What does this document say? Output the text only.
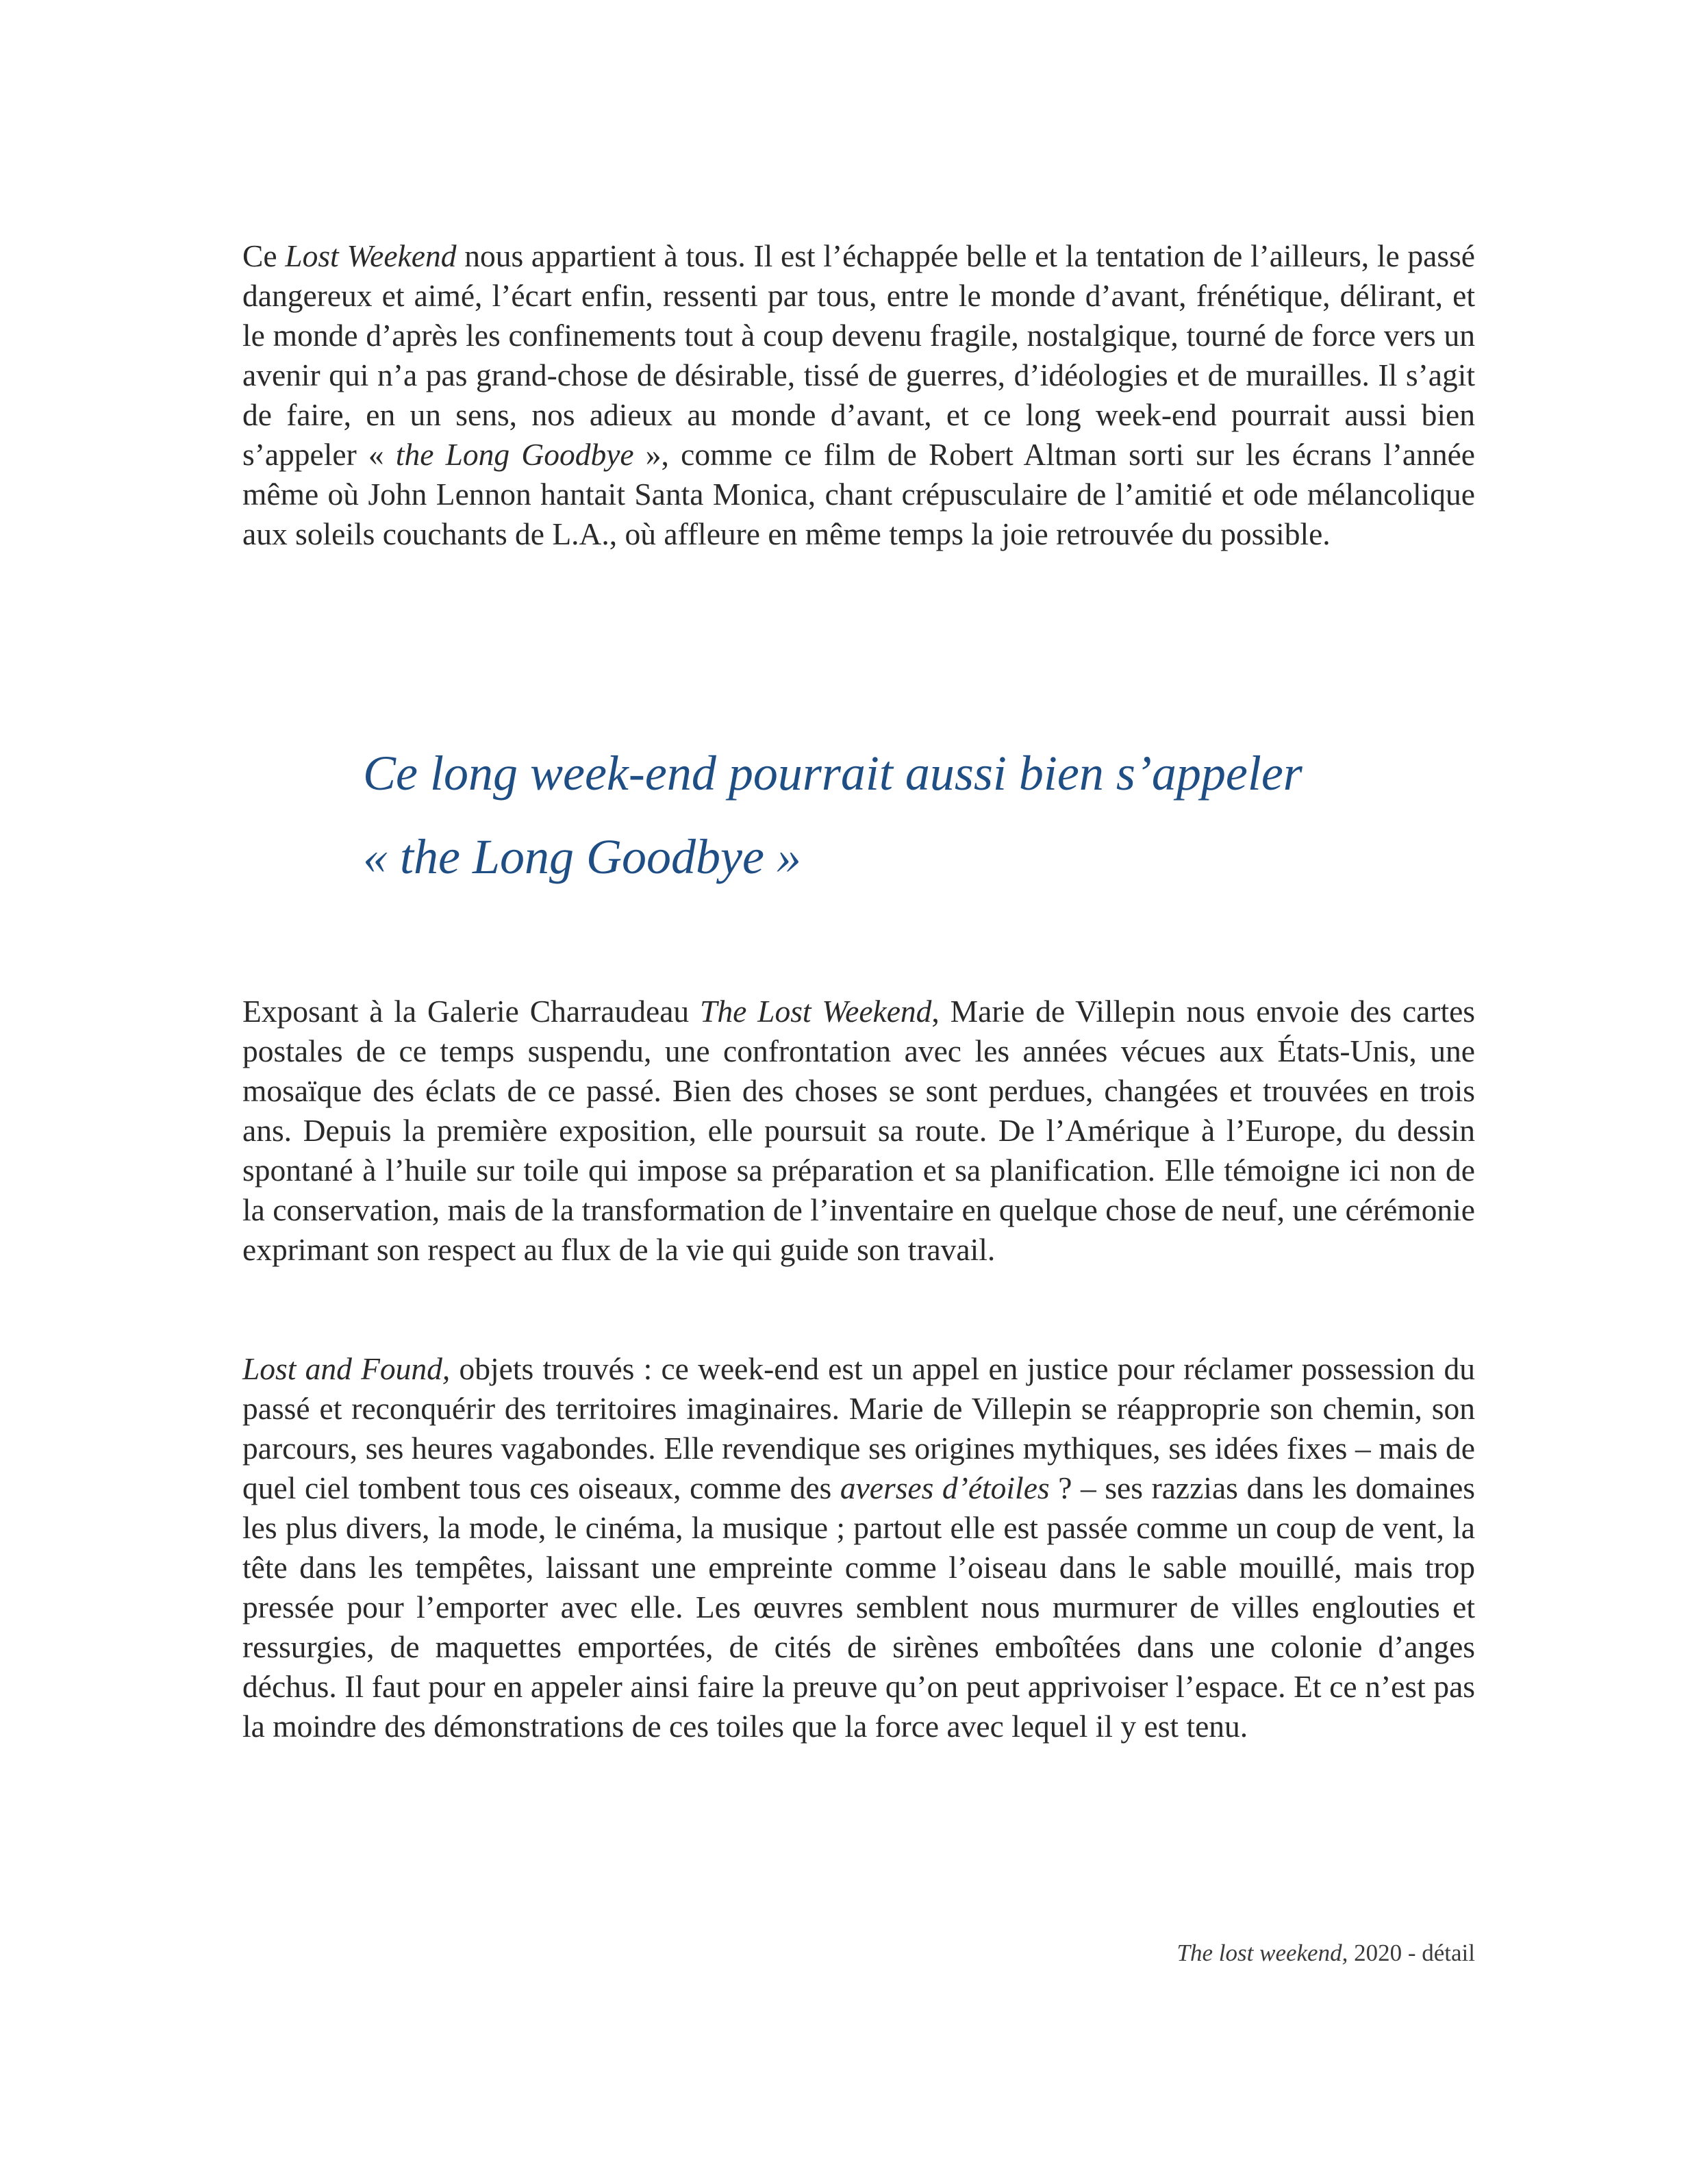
Ce Lost Weekend nous appartient à tous. Il est l’échappée belle et la tentation de l’ailleurs, le passé dangereux et aimé, l’écart enfin, ressenti par tous, entre le monde d’avant, frénétique, délirant, et le monde d’après les confinements tout à coup devenu fragile, nostalgique, tourné de force vers un avenir qui n’a pas grand-chose de désirable, tissé de guerres, d’idéologies et de murailles. Il s’agit de faire, en un sens, nos adieux au monde d’avant, et ce long week-end pourrait aussi bien s’appeler « the Long Goodbye », comme ce film de Robert Altman sorti sur les écrans l’année même où John Lennon hantait Santa Monica, chant crépusculaire de l’amitié et ode mélancolique aux soleils couchants de L.A., où affleure en même temps la joie retrouvée du possible.

Ce long week-end pourrait aussi bien s’appeler
« the Long Goodbye »

Exposant à la Galerie Charraudeau The Lost Weekend, Marie de Villepin nous envoie des cartes postales de ce temps suspendu, une confrontation avec les années vécues aux États-Unis, une mosaïque des éclats de ce passé. Bien des choses se sont perdues, changées et trouvées en trois ans. Depuis la première exposition, elle poursuit sa route. De l’Amérique à l’Europe, du dessin spontané à l’huile sur toile qui impose sa préparation et sa planification. Elle témoigne ici non de la conservation, mais de la transformation de l’inventaire en quelque chose de neuf, une cérémonie exprimant son respect au flux de la vie qui guide son travail.

Lost and Found, objets trouvés : ce week-end est un appel en justice pour réclamer possession du passé et reconquérir des territoires imaginaires. Marie de Villepin se réapproprie son chemin, son parcours, ses heures vagabondes. Elle revendique ses origines mythiques, ses idées fixes – mais de quel ciel tombent tous ces oiseaux, comme des averses d’étoiles ? – ses razzias dans les domaines les plus divers, la mode, le cinéma, la musique ; partout elle est passée comme un coup de vent, la tête dans les tempêtes, laissant une empreinte comme l’oiseau dans le sable mouillé, mais trop pressée pour l’emporter avec elle. Les œuvres semblent nous murmurer de villes englouties et ressurgies, de maquettes emportées, de cités de sirènes emboîtées dans une colonie d’anges déchus. Il faut pour en appeler ainsi faire la preuve qu’on peut apprivoiser l’espace. Et ce n’est pas la moindre des démonstrations de ces toiles que la force avec lequel il y est tenu.

The lost weekend, 2020 - détail
